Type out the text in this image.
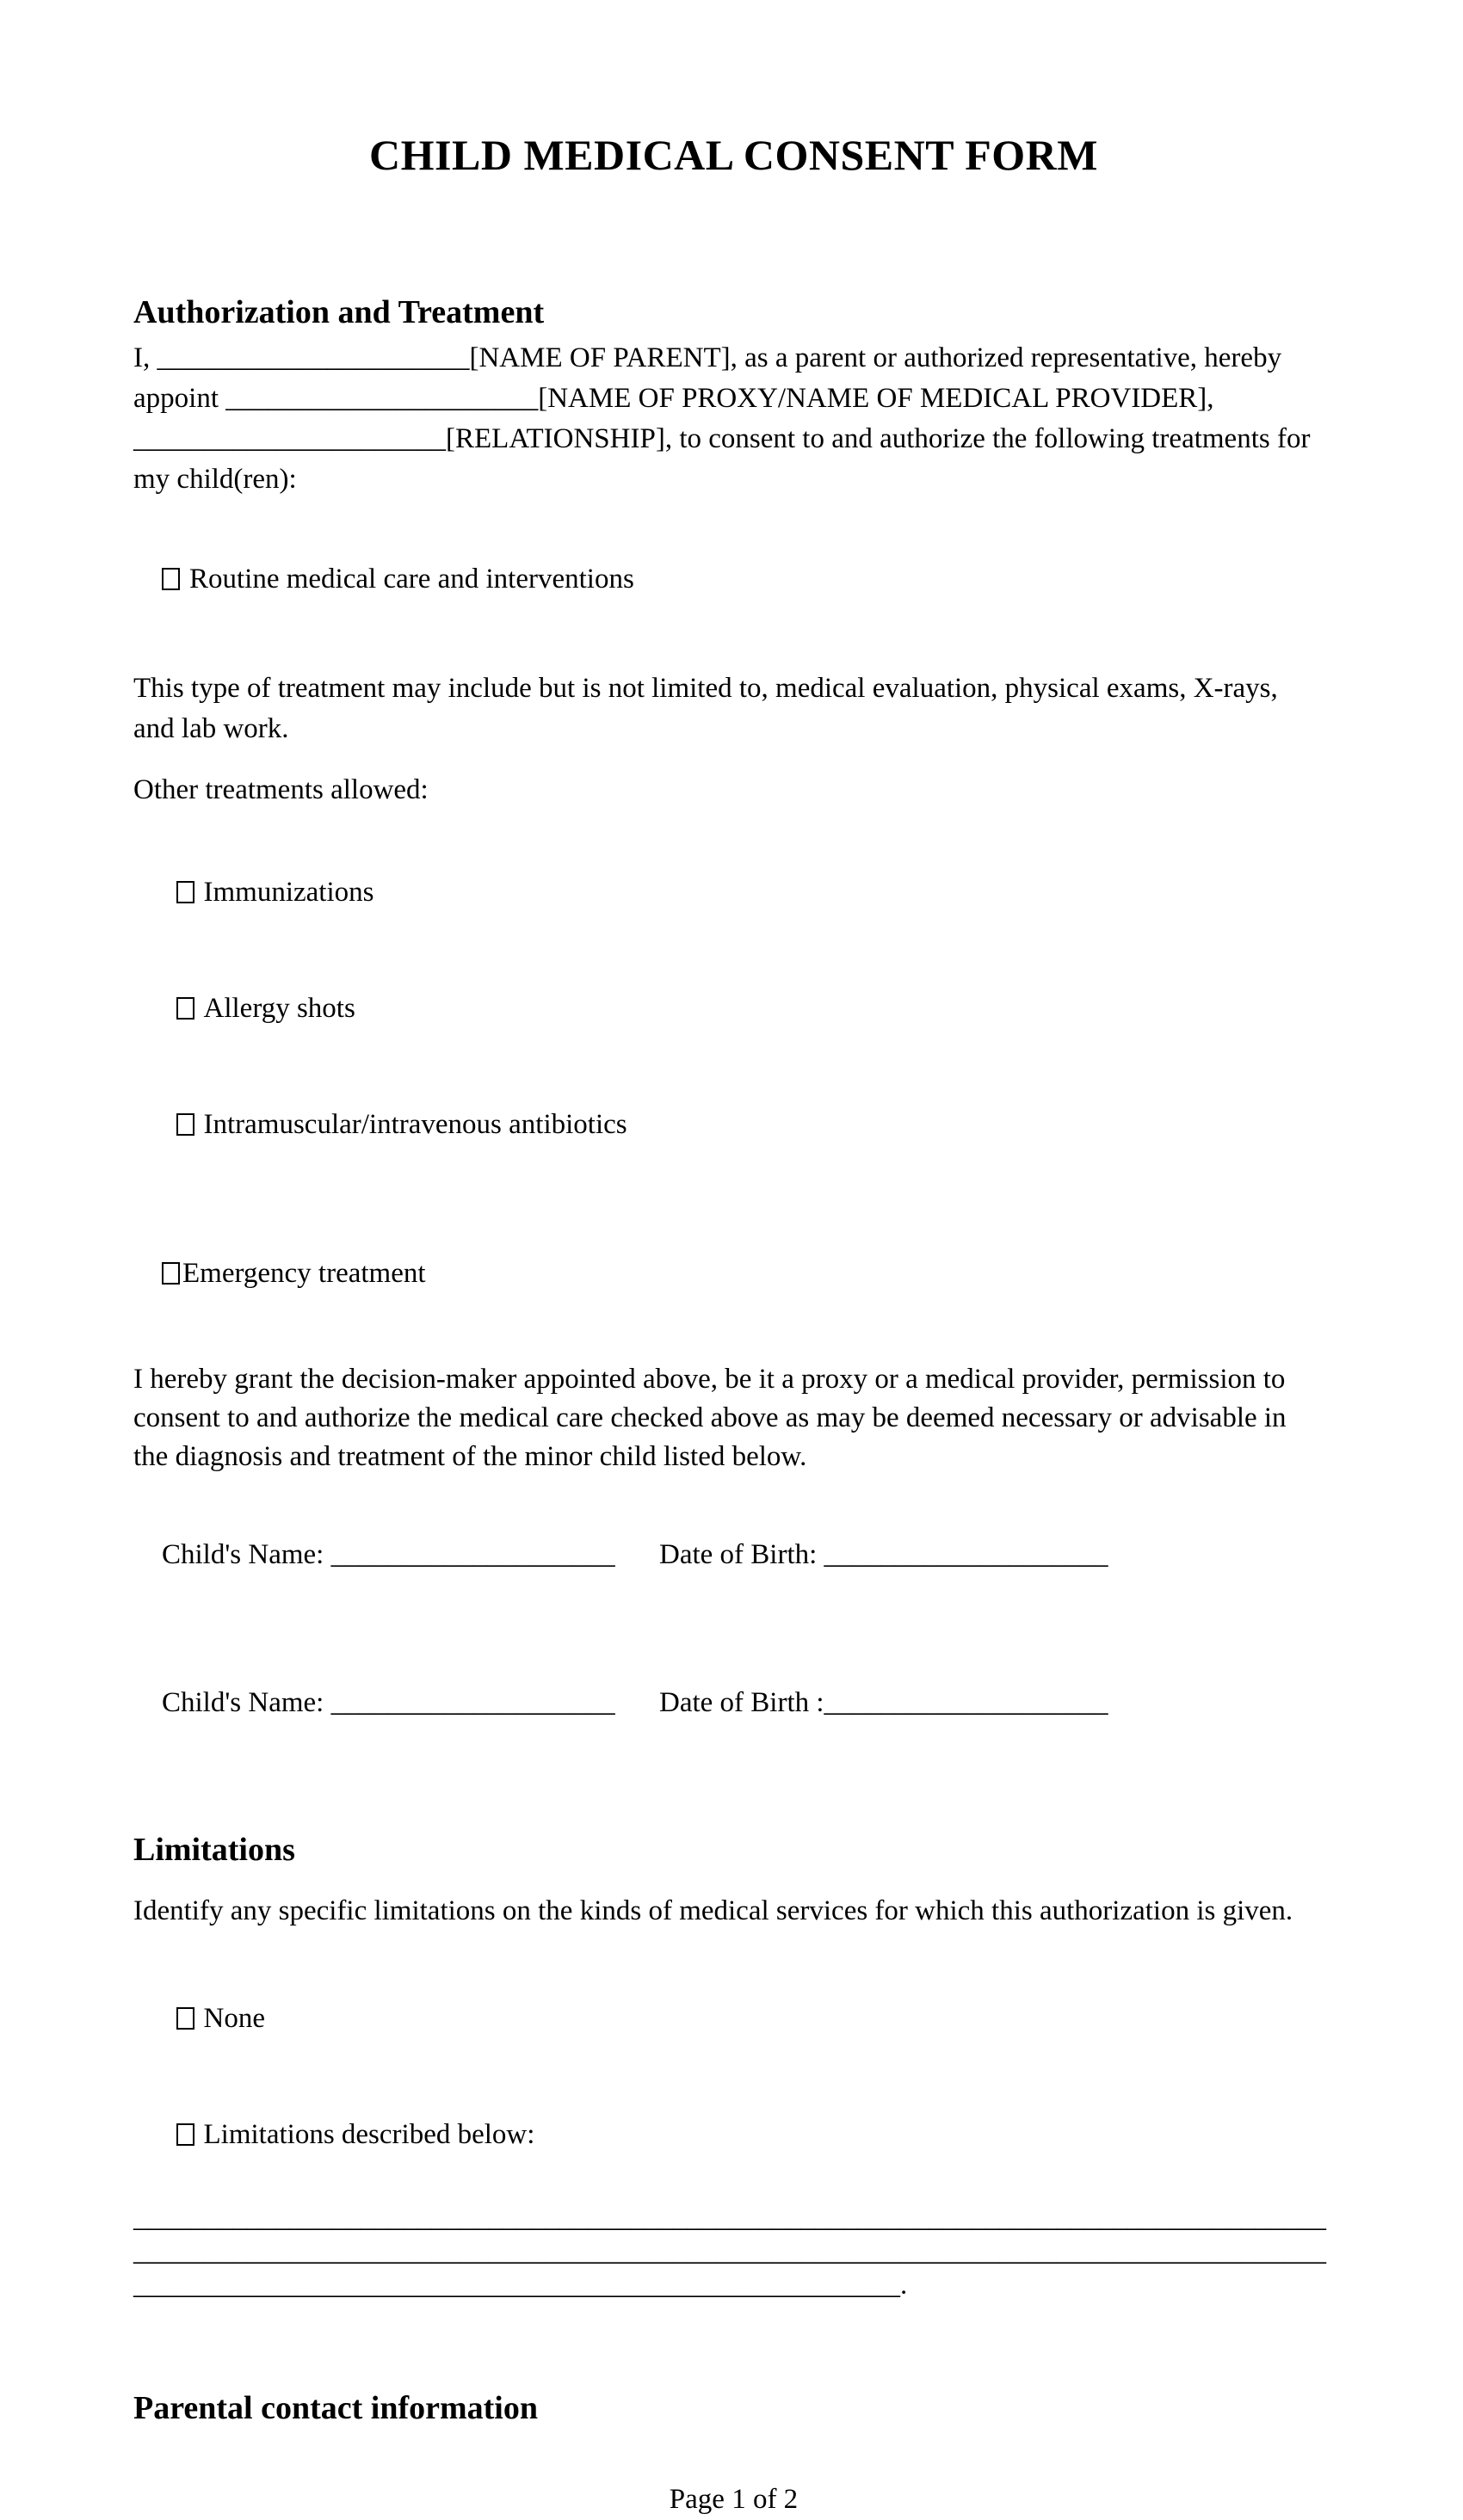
CHILD MEDICAL CONSENT FORM
Authorization and Treatment
I, ______________________[NAME OF PARENT], as a parent or authorized representative, hereby
appoint ______________________[NAME OF PROXY/NAME OF MEDICAL PROVIDER],
______________________[RELATIONSHIP], to consent to and authorize the following treatments for
my child(ren):

Routine medical care and interventions

This type of treatment may include but is not limited to, medical evaluation, physical exams, X-rays,
and lab work.
Other treatments allowed:

Immunizations

Allergy shots

Intramuscular/intravenous antibiotics

Emergency treatment

I hereby grant the decision-maker appointed above, be it a proxy or a medical provider, permission to
consent to and authorize the medical care checked above as may be deemed necessary or advisable in
the diagnosis and treatment of the minor child listed below.

Child's Name: ____________________ Date of Birth: ____________________

Child's Name: ____________________ Date of Birth :____________________

Limitations
Identify any specific limitations on the kinds of medical services for which this authorization is given.

None

Limitations described below:

____________________________________________________________________________________
____________________________________________________________________________________
______________________________________________________.
Parental contact information
Page 1 of 2
